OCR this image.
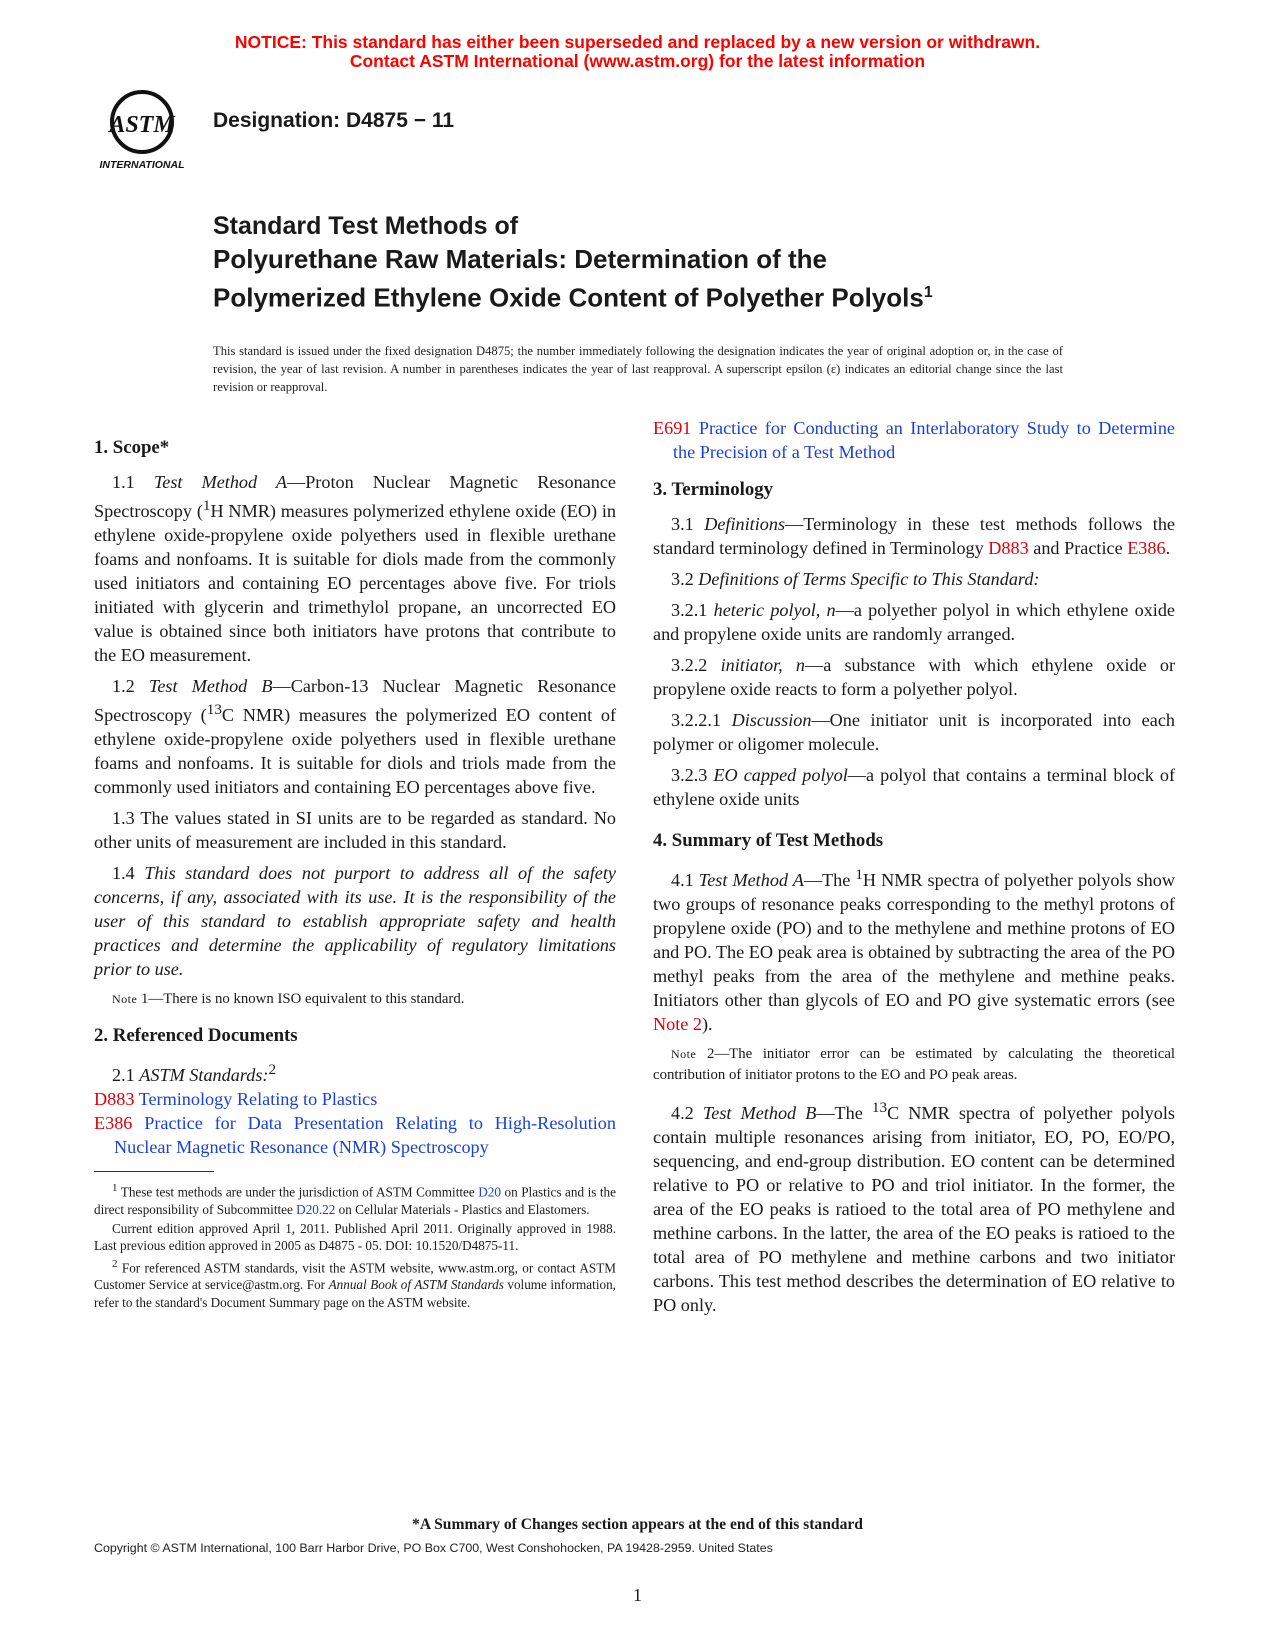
NOTICE: This standard has either been superseded and replaced by a new version or withdrawn.
Contact ASTM International (www.astm.org) for the latest information
ASTM
INTERNATIONAL
Designation: D4875 − 11
Standard Test Methods of
Polyurethane Raw Materials: Determination of the
Polymerized Ethylene Oxide Content of Polyether Polyols$^1$
This standard is issued under the fixed designation D4875; the number immediately following the designation indicates the year of original adoption or, in the case of revision, the year of last revision. A number in parentheses indicates the year of last reapproval. A superscript epsilon (ε) indicates an editorial change since the last revision or reapproval.
1. Scope*

1.1 Test Method A—Proton Nuclear Magnetic Resonance Spectroscopy ($^1$H NMR) measures polymerized ethylene oxide (EO) in ethylene oxide-propylene oxide polyethers used in flexible urethane foams and nonfoams. It is suitable for diols made from the commonly used initiators and containing EO percentages above five. For triols initiated with glycerin and trimethylol propane, an uncorrected EO value is obtained since both initiators have protons that contribute to the EO measurement.

1.2 Test Method B—Carbon-13 Nuclear Magnetic Resonance Spectroscopy ($^{13}$C NMR) measures the polymerized EO content of ethylene oxide-propylene oxide polyethers used in flexible urethane foams and nonfoams. It is suitable for diols and triols made from the commonly used initiators and containing EO percentages above five.

1.3 The values stated in SI units are to be regarded as standard. No other units of measurement are included in this standard.

1.4 This standard does not purport to address all of the safety concerns, if any, associated with its use. It is the responsibility of the user of this standard to establish appropriate safety and health practices and determine the applicability of regulatory limitations prior to use.

Note 1—There is no known ISO equivalent to this standard.

2. Referenced Documents

2.1 ASTM Standards:$^2$

D883 Terminology Relating to Plastics

E386 Practice for Data Presentation Relating to High-Resolution Nuclear Magnetic Resonance (NMR) Spectroscopy

$^1$ These test methods are under the jurisdiction of ASTM Committee D20 on Plastics and is the direct responsibility of Subcommittee D20.22 on Cellular Materials - Plastics and Elastomers.

Current edition approved April 1, 2011. Published April 2011. Originally approved in 1988. Last previous edition approved in 2005 as D4875 - 05. DOI: 10.1520/D4875-11.

$^2$ For referenced ASTM standards, visit the ASTM website, www.astm.org, or contact ASTM Customer Service at service@astm.org. For Annual Book of ASTM Standards volume information, refer to the standard's Document Summary page on the ASTM website.

E691 Practice for Conducting an Interlaboratory Study to Determine the Precision of a Test Method

3. Terminology

3.1 Definitions—Terminology in these test methods follows the standard terminology defined in Terminology D883 and Practice E386.

3.2 Definitions of Terms Specific to This Standard:

3.2.1 heteric polyol, n—a polyether polyol in which ethylene oxide and propylene oxide units are randomly arranged.

3.2.2 initiator, n—a substance with which ethylene oxide or propylene oxide reacts to form a polyether polyol.

3.2.2.1 Discussion—One initiator unit is incorporated into each polymer or oligomer molecule.

3.2.3 EO capped polyol—a polyol that contains a terminal block of ethylene oxide units

4. Summary of Test Methods

4.1 Test Method A—The $^1$H NMR spectra of polyether polyols show two groups of resonance peaks corresponding to the methyl protons of propylene oxide (PO) and to the methylene and methine protons of EO and PO. The EO peak area is obtained by subtracting the area of the PO methyl peaks from the area of the methylene and methine peaks. Initiators other than glycols of EO and PO give systematic errors (see Note 2).

Note 2—The initiator error can be estimated by calculating the theoretical contribution of initiator protons to the EO and PO peak areas.

4.2 Test Method B—The $^{13}$C NMR spectra of polyether polyols contain multiple resonances arising from initiator, EO, PO, EO/PO, sequencing, and end-group distribution. EO content can be determined relative to PO or relative to PO and triol initiator. In the former, the area of the EO peaks is ratioed to the total area of PO methylene and methine carbons. In the latter, the area of the EO peaks is ratioed to the total area of PO methylene and methine carbons and two initiator carbons. This test method describes the determination of EO relative to PO only.

*A Summary of Changes section appears at the end of this standard
Copyright © ASTM International, 100 Barr Harbor Drive, PO Box C700, West Conshohocken, PA 19428-2959. United States
1
